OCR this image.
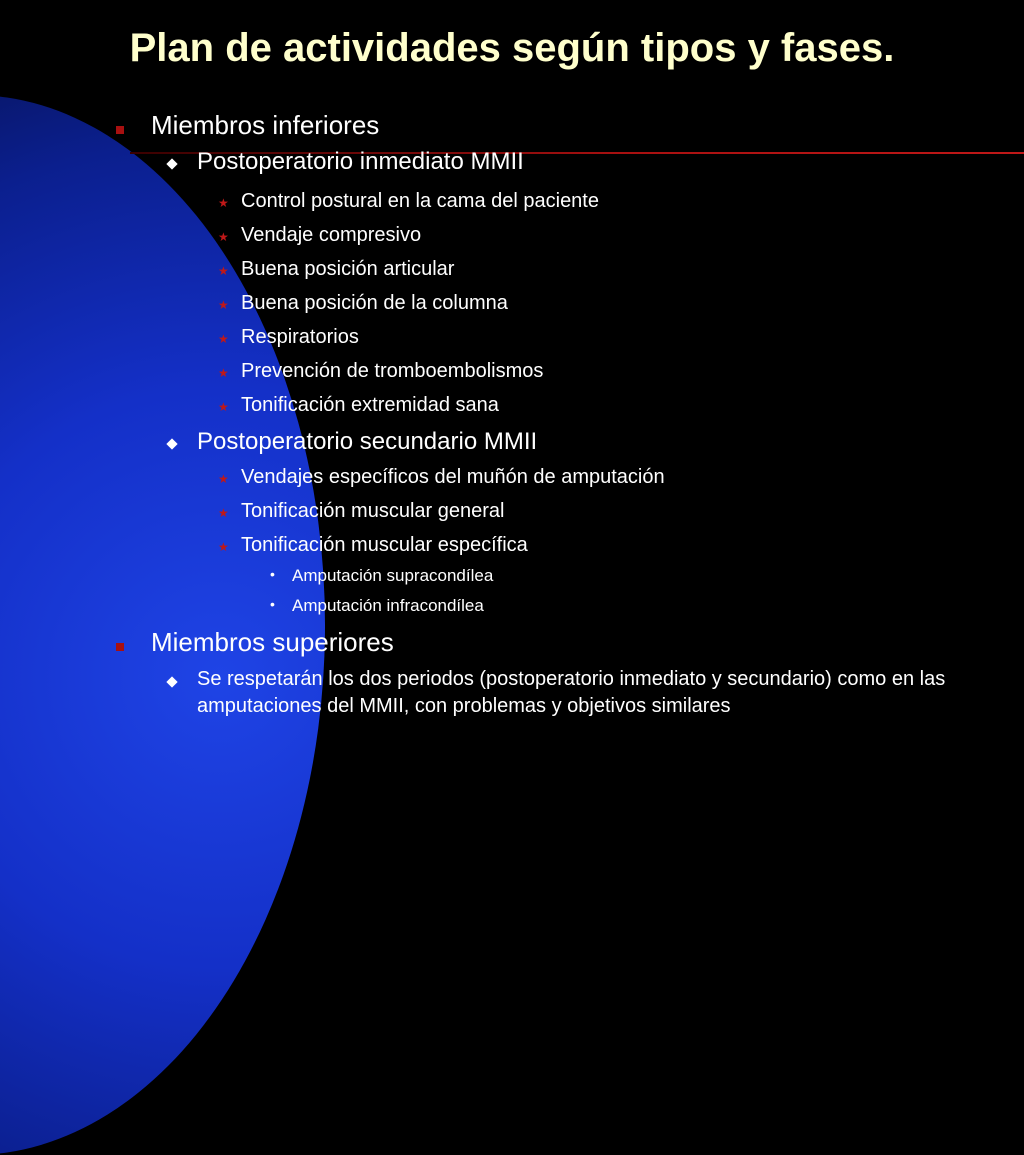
Plan de actividades según tipos y fases.
Miembros inferiores
Postoperatorio inmediato MMII
★ Control postural en la cama del paciente
★ Vendaje compresivo
★ Buena posición articular
★ Buena posición de la columna
★ Respiratorios
★ Prevención de tromboembolismos
★ Tonificación extremidad sana
Postoperatorio secundario MMII
★ Vendajes específicos del muñón de amputación
★ Tonificación muscular general
★ Tonificación muscular específica
• Amputación supracondílea
• Amputación infracondílea
Miembros superiores
Se respetarán los dos periodos (postoperatorio inmediato y secundario) como en las amputaciones del MMII, con problemas y objetivos similares
